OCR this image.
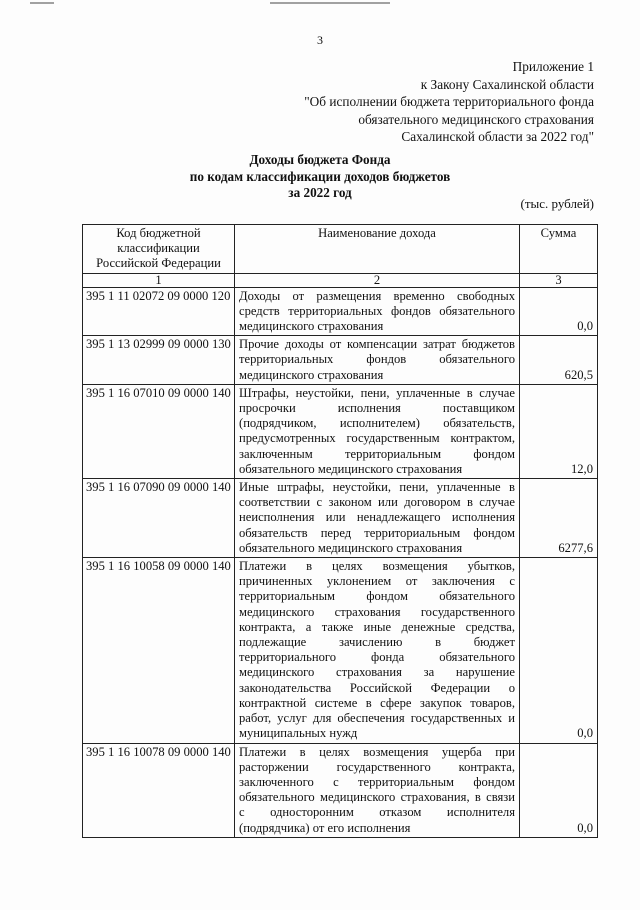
3
Приложение 1
к Закону Сахалинской области
"Об исполнении бюджета территориального фонда
обязательного медицинского страхования
Сахалинской области за 2022 год"
Доходы бюджета Фонда
по кодам классификации доходов бюджетов
за 2022 год
(тыс. рублей)
Код бюджетной классификации Российской Федерации	Наименование дохода	Сумма
1	2	3
395 1 11 02072 09 0000 120	Доходы от размещения временно свободных средств территориальных фондов обязательного медицинского страхования	0,0
395 1 13 02999 09 0000 130	Прочие доходы от компенсации затрат бюджетов территориальных фондов обязательного медицинского страхования	620,5
395 1 16 07010 09 0000 140	Штрафы, неустойки, пени, уплаченные в случае просрочки исполнения поставщиком (подрядчиком, исполнителем) обязательств, предусмотренных государственным контрактом, заключенным территориальным фондом обязательного медицинского страхования	12,0
395 1 16 07090 09 0000 140	Иные штрафы, неустойки, пени, уплаченные в соответствии с законом или договором в случае неисполнения или ненадлежащего исполнения обязательств перед территориальным фондом обязательного медицинского страхования	6277,6
395 1 16 10058 09 0000 140	Платежи в целях возмещения убытков, причиненных уклонением от заключения с территориальным фондом обязательного медицинского страхования государственного контракта, а также иные денежные средства, подлежащие зачислению в бюджет территориального фонда обязательного медицинского страхования за нарушение законодательства Российской Федерации о контрактной системе в сфере закупок товаров, работ, услуг для обеспечения государственных и муниципальных нужд	0,0
395 1 16 10078 09 0000 140	Платежи в целях возмещения ущерба при расторжении государственного контракта, заключенного с территориальным фондом обязательного медицинского страхования, в связи с односторонним отказом исполнителя (подрядчика) от его исполнения	0,0
